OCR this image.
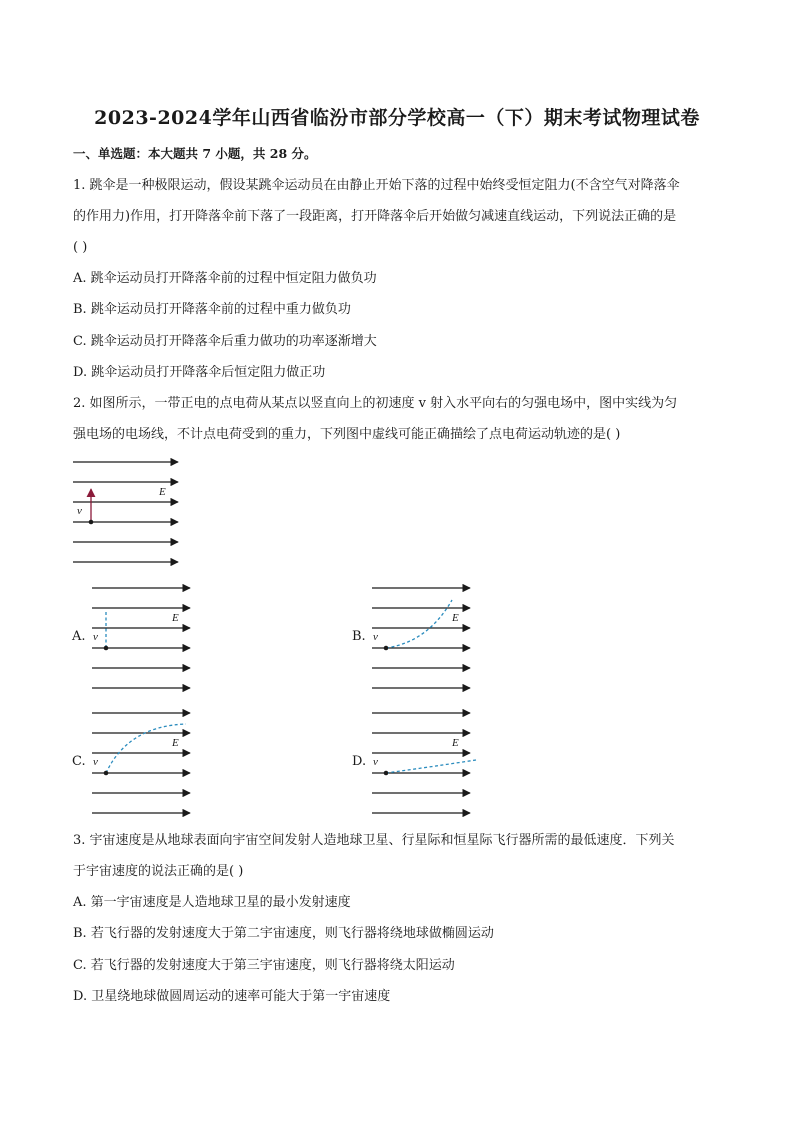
2023-2024学年山西省临汾市部分学校高一（下）期末考试物理试卷
一、单选题：本大题共 7 小题，共 28 分。
1. 跳伞是一种极限运动，假设某跳伞运动员在由静止开始下落的过程中始终受恒定阻力(不含空气对降落伞
的作用力)作用，打开降落伞前下落了一段距离，打开降落伞后开始做匀减速直线运动，下列说法正确的是
( )
A. 跳伞运动员打开降落伞前的过程中恒定阻力做负功
B. 跳伞运动员打开降落伞前的过程中重力做负功
C. 跳伞运动员打开降落伞后重力做功的功率逐渐增大
D. 跳伞运动员打开降落伞后恒定阻力做正功
2. 如图所示，一带正电的点电荷从某点以竖直向上的初速度 v 射入水平向右的匀强电场中，图中实线为匀
强电场的电场线，不计点电荷受到的重力，下列图中虚线可能正确描绘了点电荷运动轨迹的是( )
v
E
v
E
v
E
v
E
v
E
A.	B.
C.	D.
3. 宇宙速度是从地球表面向宇宙空间发射人造地球卫星、行星际和恒星际飞行器所需的最低速度．下列关
于宇宙速度的说法正确的是( )
A. 第一宇宙速度是人造地球卫星的最小发射速度
B. 若飞行器的发射速度大于第二宇宙速度，则飞行器将绕地球做椭圆运动
C. 若飞行器的发射速度大于第三宇宙速度，则飞行器将绕太阳运动
D. 卫星绕地球做圆周运动的速率可能大于第一宇宙速度
